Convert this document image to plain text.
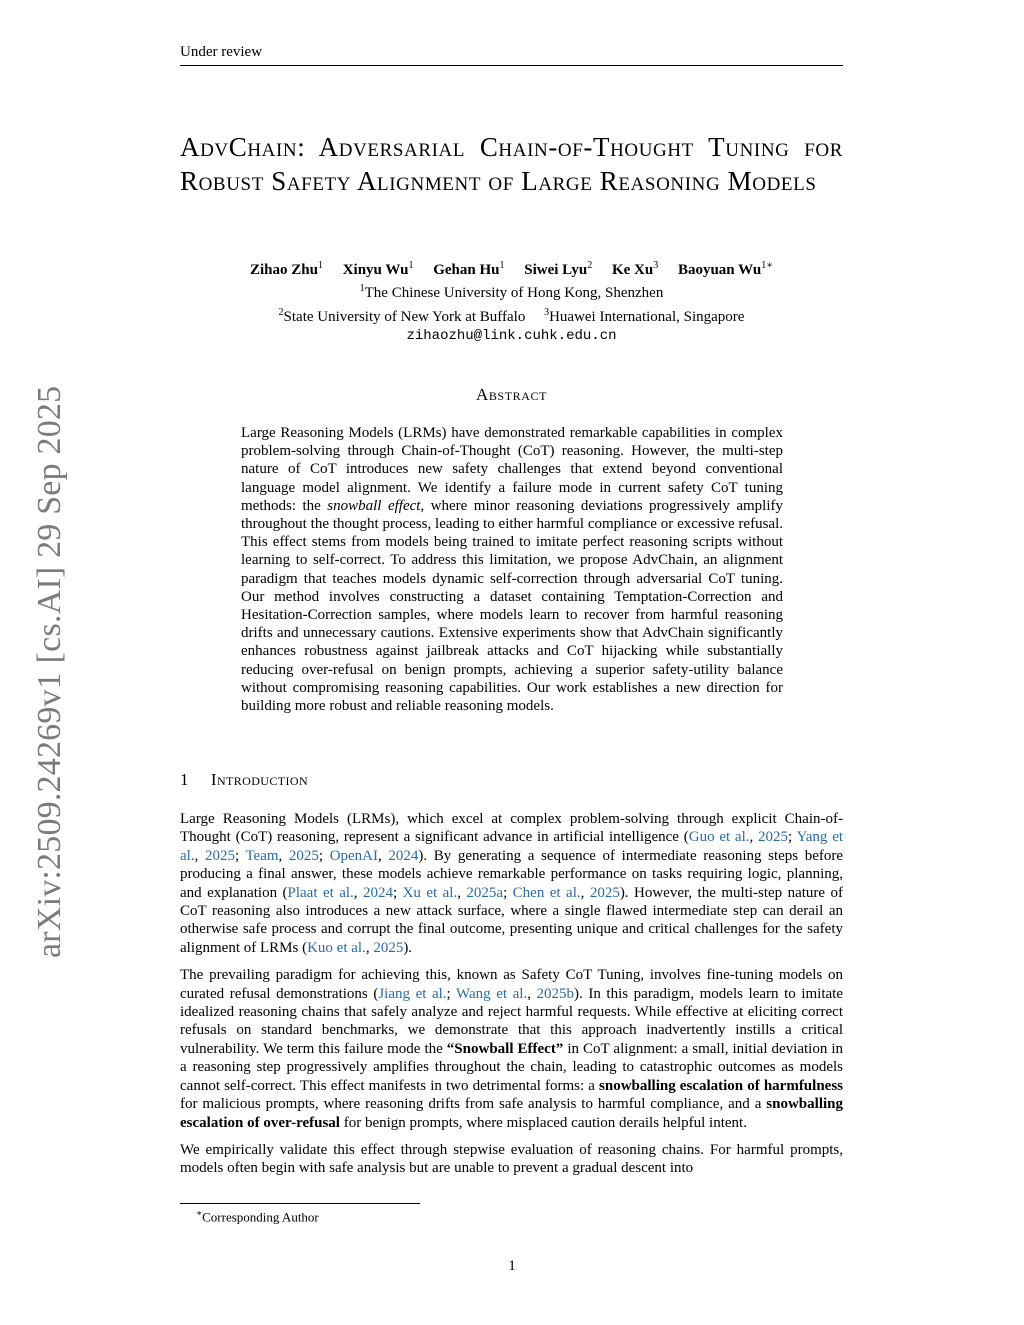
Under review
arXiv:2509.24269v1 [cs.AI] 29 Sep 2025
AdvChain: Adversarial Chain-of-Thought Tuning for Robust Safety Alignment of Large Reasoning Models
Zihao Zhu$^1$ Xinyu Wu$^1$ Gehan Hu$^1$ Siwei Lyu$^2$ Ke Xu$^3$ Baoyuan $Wu^{1∗}$
$^1$The Chinese University of Hong Kong, Shenzhen
$^2$State University of New York at Buffalo $^3$Huawei International, Singapore
zihaozhu@link.cuhk.edu.cn
Abstract
Large Reasoning Models (LRMs) have demonstrated remarkable capabilities in complex problem-solving through Chain-of-Thought (CoT) reasoning. However, the multi-step nature of CoT introduces new safety challenges that extend beyond conventional language model alignment. We identify a failure mode in current safety CoT tuning methods: the snowball effect, where minor reasoning deviations progressively amplify throughout the thought process, leading to either harmful compliance or excessive refusal. This effect stems from models being trained to imitate perfect reasoning scripts without learning to self-correct. To address this limitation, we propose AdvChain, an alignment paradigm that teaches models dynamic self-correction through adversarial CoT tuning. Our method involves constructing a dataset containing Temptation-Correction and Hesitation-Correction samples, where models learn to recover from harmful reasoning drifts and unnecessary cautions. Extensive experiments show that AdvChain significantly enhances robustness against jailbreak attacks and CoT hijacking while substantially reducing over-refusal on benign prompts, achieving a superior safety-utility balance without compromising reasoning capabilities. Our work establishes a new direction for building more robust and reliable reasoning models.
1 Introduction

Large Reasoning Models (LRMs), which excel at complex problem-solving through explicit Chain-of-Thought (CoT) reasoning, represent a significant advance in artificial intelligence (Guo et al., 2025; Yang et al., 2025; Team, 2025; OpenAI, 2024). By generating a sequence of intermediate reasoning steps before producing a final answer, these models achieve remarkable performance on tasks requiring logic, planning, and explanation (Plaat et al., 2024; Xu et al., 2025a; Chen et al., 2025). However, the multi-step nature of CoT reasoning also introduces a new attack surface, where a single flawed intermediate step can derail an otherwise safe process and corrupt the final outcome, presenting unique and critical challenges for the safety alignment of LRMs (Kuo et al., 2025).

The prevailing paradigm for achieving this, known as Safety CoT Tuning, involves fine-tuning models on curated refusal demonstrations (Jiang et al.; Wang et al., 2025b). In this paradigm, models learn to imitate idealized reasoning chains that safely analyze and reject harmful requests. While effective at eliciting correct refusals on standard benchmarks, we demonstrate that this approach inadvertently instills a critical vulnerability. We term this failure mode the “Snowball Effect” in CoT alignment: a small, initial deviation in a reasoning step progressively amplifies throughout the chain, leading to catastrophic outcomes as models cannot self-correct. This effect manifests in two detrimental forms: a snowballing escalation of harmfulness for malicious prompts, where reasoning drifts from safe analysis to harmful compliance, and a snowballing escalation of over-refusal for benign prompts, where misplaced caution derails helpful intent.

We empirically validate this effect through stepwise evaluation of reasoning chains. For harmful prompts, models often begin with safe analysis but are unable to prevent a gradual descent into

∗Corresponding Author
1
